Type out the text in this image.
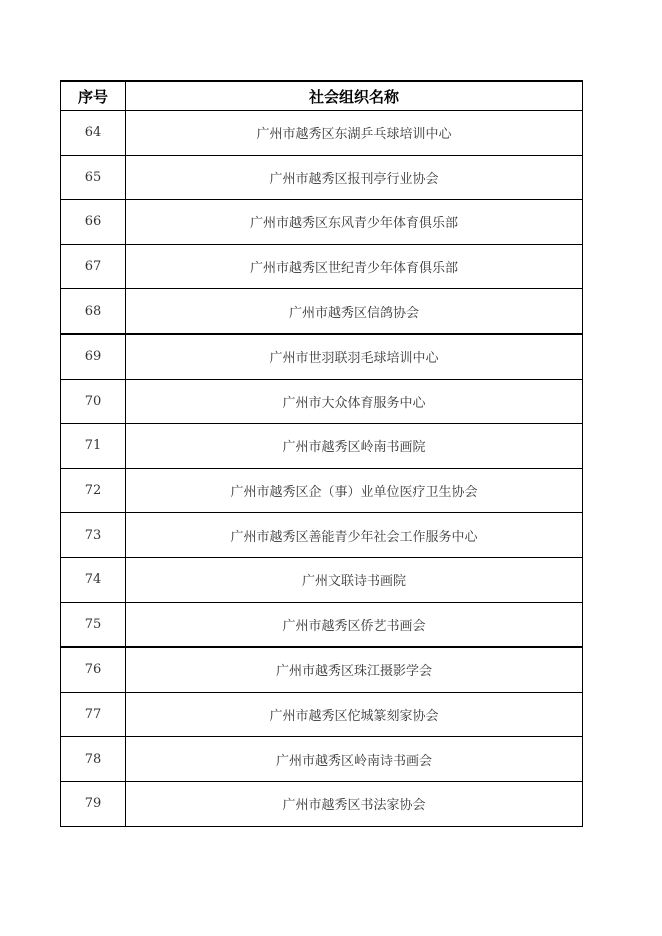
序号	社会组织名称
64	广州市越秀区东湖乒乓球培训中心
65	广州市越秀区报刊亭行业协会
66	广州市越秀区东风青少年体育俱乐部
67	广州市越秀区世纪青少年体育俱乐部
68	广州市越秀区信鸽协会
69	广州市世羽联羽毛球培训中心
70	广州市大众体育服务中心
71	广州市越秀区岭南书画院
72	广州市越秀区企（事）业单位医疗卫生协会
73	广州市越秀区善能青少年社会工作服务中心
74	广州文联诗书画院
75	广州市越秀区侨艺书画会
76	广州市越秀区珠江摄影学会
77	广州市越秀区佗城篆刻家协会
78	广州市越秀区岭南诗书画会
79	广州市越秀区书法家协会
